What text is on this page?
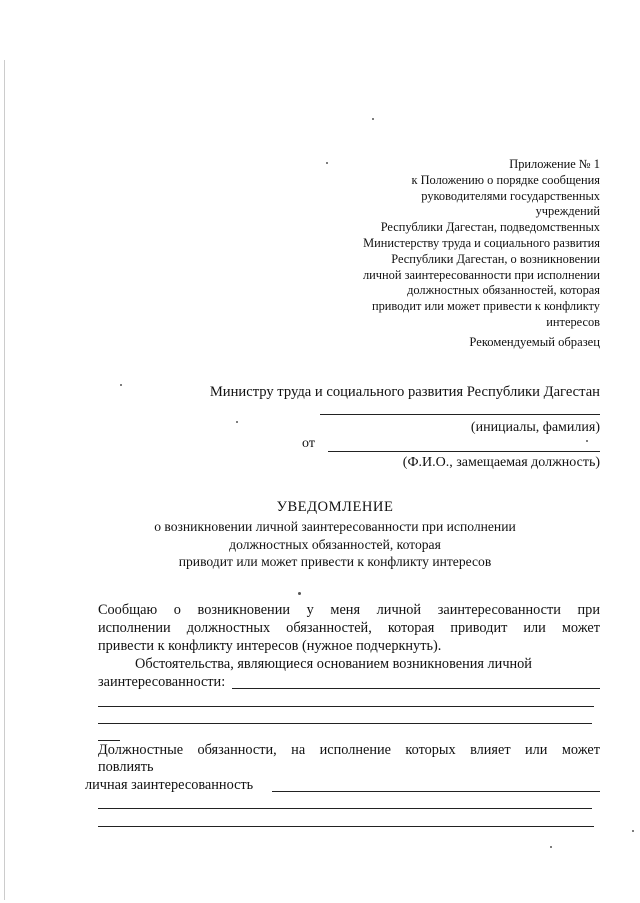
Приложение № 1
к Положению о порядке сообщения
руководителями государственных
учреждений
Республики Дагестан, подведомственных
Министерству труда и социального развития
Республики Дагестан, о возникновении
личной заинтересованности при исполнении
должностных обязанностей, которая
приводит или может привести к конфликту
интересов
Рекомендуемый образец
Министру труда и социального развития Республики Дагестан
(инициалы, фамилия)
от
(Ф.И.О., замещаемая должность)
УВЕДОМЛЕНИЕ
о возникновении личной заинтересованности при исполнении
должностных обязанностей, которая
приводит или может привести к конфликту интересов
Сообщаю о возникновении у меня личной заинтересованности при
исполнении должностных обязанностей, которая приводит или может
привести к конфликту интересов (нужное подчеркнуть).
Обстоятельства, являющиеся основанием возникновения личной
заинтересованности:
Должностные обязанности, на исполнение которых влияет или может
повлиять
личная заинтересованность
